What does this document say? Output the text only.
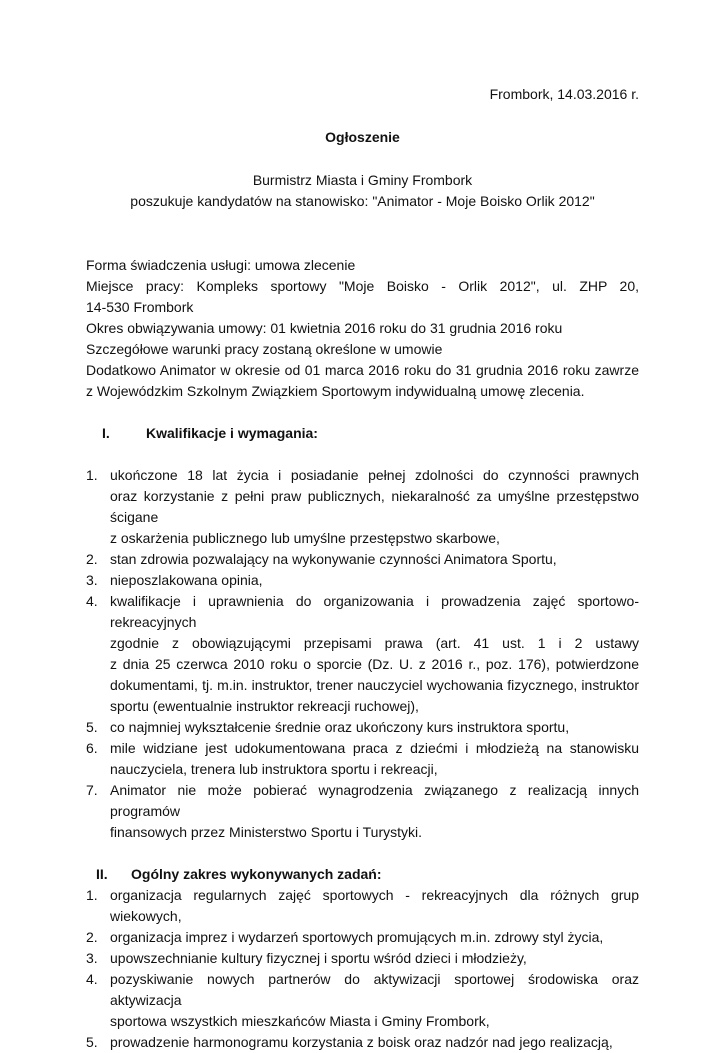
Frombork, 14.03.2016 r.
Ogłoszenie
Burmistrz Miasta i Gminy Frombork
poszukuje kandydatów na stanowisko: "Animator - Moje Boisko Orlik 2012"
Forma świadczenia usługi: umowa zlecenie
Miejsce pracy: Kompleks sportowy "Moje Boisko - Orlik 2012", ul. ZHP 20,
14-530 Frombork
Okres obwiązywania umowy: 01 kwietnia 2016 roku do 31 grudnia 2016 roku
Szczegółowe warunki pracy zostaną określone w umowie
Dodatkowo Animator w okresie od 01 marca 2016 roku do 31 grudnia 2016 roku zawrze
z Wojewódzkim Szkolnym Związkiem Sportowym indywidualną umowę zlecenia.
I.	Kwalifikacje i wymagania:
1. ukończone 18 lat życia i posiadanie pełnej zdolności do czynności prawnych
oraz korzystanie z pełni praw publicznych, niekaralność za umyślne przestępstwo ścigane
z oskarżenia publicznego lub umyślne przestępstwo skarbowe,
2. stan zdrowia pozwalający na wykonywanie czynności Animatora Sportu,
3. nieposzlakowana opinia,
4. kwalifikacje i uprawnienia do organizowania i prowadzenia zajęć sportowo-rekreacyjnych
zgodnie z obowiązującymi przepisami prawa (art. 41 ust. 1 i 2 ustawy
z dnia 25 czerwca 2010 roku o sporcie (Dz. U. z 2016 r., poz. 176), potwierdzone
dokumentami, tj. m.in. instruktor, trener nauczyciel wychowania fizycznego, instruktor
sportu (ewentualnie instruktor rekreacji ruchowej),
5. co najmniej wykształcenie średnie oraz ukończony kurs instruktora sportu,
6. mile widziane jest udokumentowana praca z dziećmi i młodzieżą na stanowisku
nauczyciela, trenera lub instruktora sportu i rekreacji,
7. Animator nie może pobierać wynagrodzenia związanego z realizacją innych programów
finansowych przez Ministerstwo Sportu i Turystyki.
II.	Ogólny zakres wykonywanych zadań:
1. organizacja regularnych zajęć sportowych - rekreacyjnych dla różnych grup wiekowych,
2. organizacja imprez i wydarzeń sportowych promujących m.in. zdrowy styl życia,
3. upowszechnianie kultury fizycznej i sportu wśród dzieci i młodzieży,
4. pozyskiwanie nowych partnerów do aktywizacji sportowej środowiska oraz aktywizacja
sportowa wszystkich mieszkańców Miasta i Gminy Frombork,
5. prowadzenie harmonogramu korzystania z boisk oraz nadzór nad jego realizacją,
